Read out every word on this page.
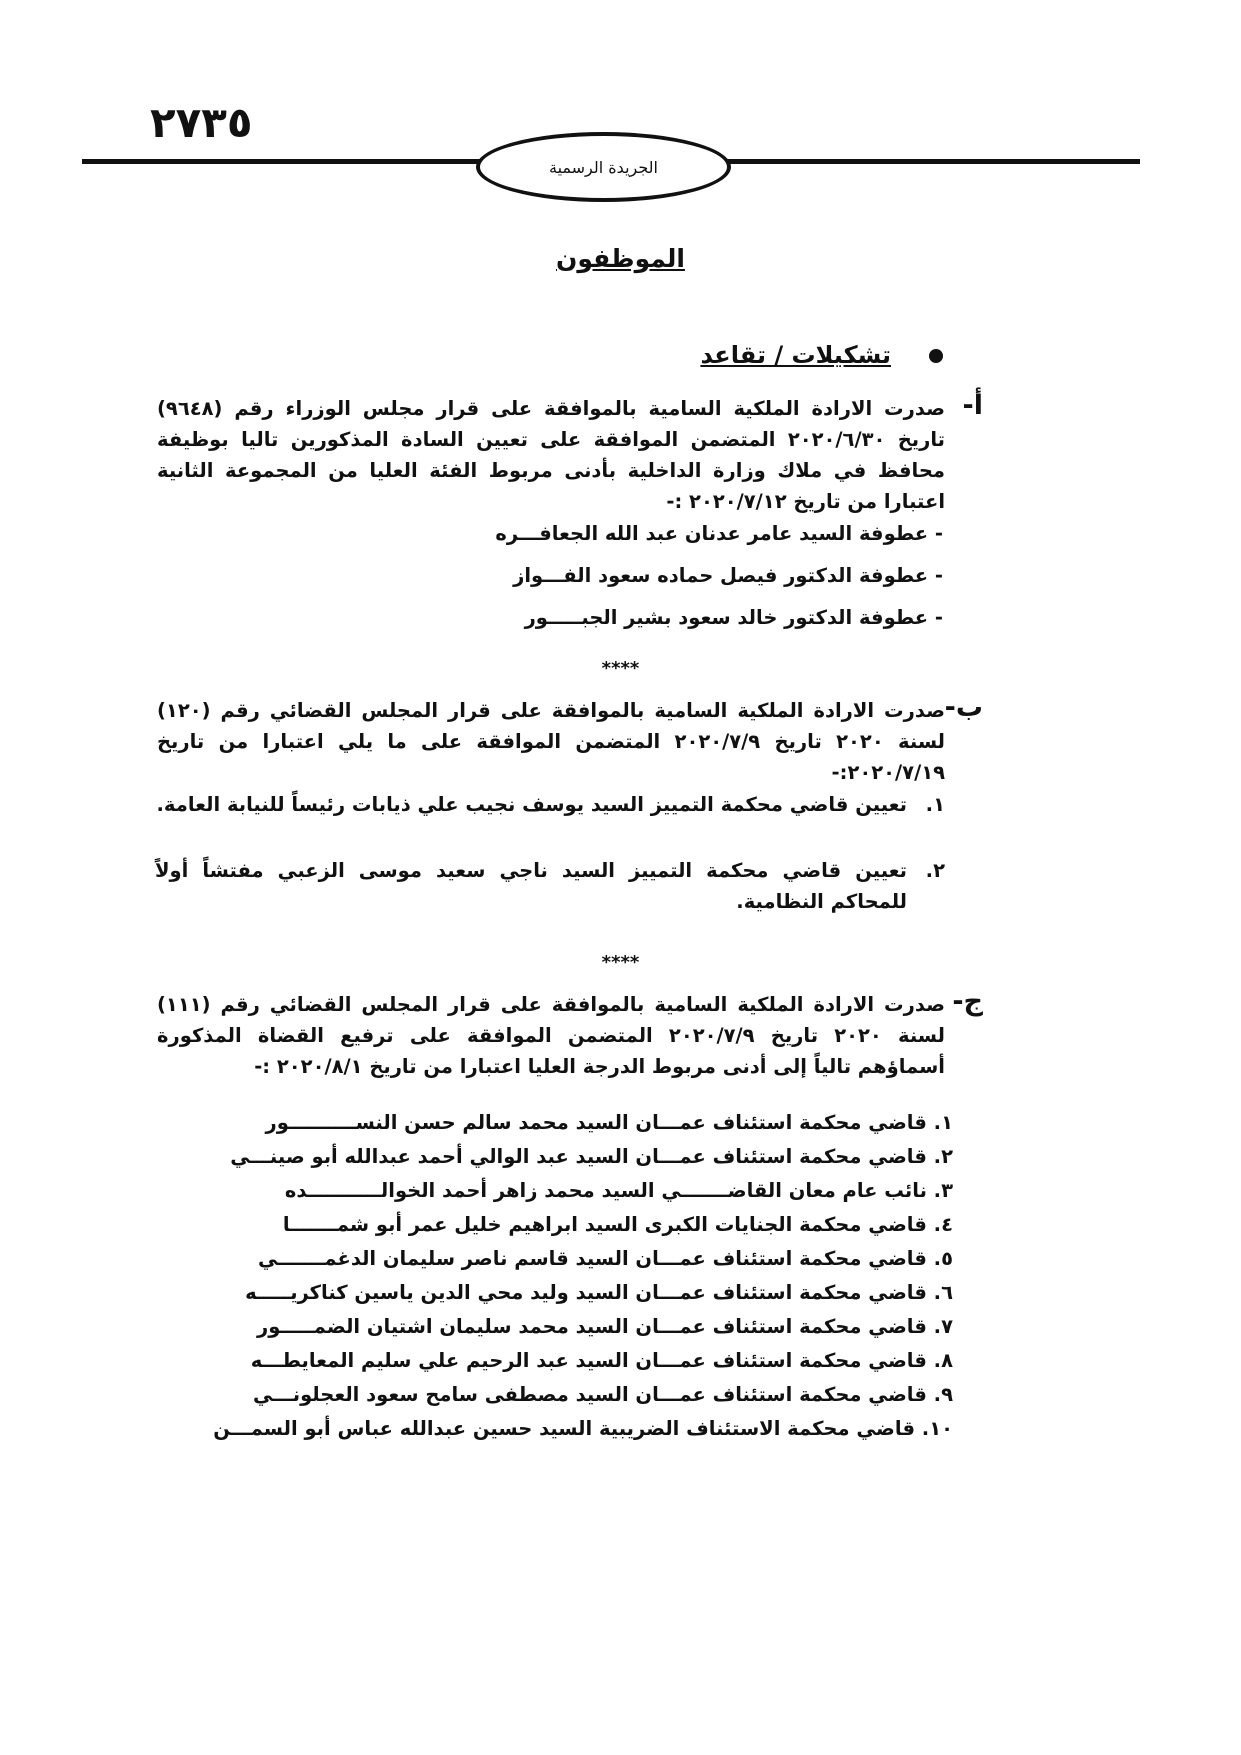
٢٧٣٥
الجريدة الرسمية
الموظفون
تشكيلات / تقاعد
أ-
صدرت الارادة الملكية السامية بالموافقة على قرار مجلس الوزراء رقم (٩٦٤٨) تاريخ ٢٠٢٠/٦/٣٠ المتضمن الموافقة على تعيين السادة المذكورين تاليا بوظيفة محافظ في ملاك وزارة الداخلية بأدنى مربوط الفئة العليا من المجموعة الثانية اعتبارا من تاريخ ٢٠٢٠/٧/١٢ :-
- عطوفة السيد عامر عدنان عبد الله الجعافـــره
- عطوفة الدكتور فيصل حماده سعود الفـــواز
- عطوفة الدكتور خالد سعود بشير الجبـــــور
****
ب-
صدرت الارادة الملكية السامية بالموافقة على قرار المجلس القضائي رقم (١٢٠) لسنة ٢٠٢٠ تاريخ ٢٠٢٠/٧/٩ المتضمن الموافقة على ما يلي اعتبارا من تاريخ ٢٠٢٠/٧/١٩:-
١.
تعيين قاضي محكمة التمييز السيد يوسف نجيب علي ذيابات رئيساً للنيابة العامة.
٢.
تعيين قاضي محكمة التمييز السيد ناجي سعيد موسى الزعبي مفتشاً أولاً للمحاكم النظامية.
****
ج-
صدرت الارادة الملكية السامية بالموافقة على قرار المجلس القضائي رقم (١١١) لسنة ٢٠٢٠ تاريخ ٢٠٢٠/٧/٩ المتضمن الموافقة على ترفيع القضاة المذكورة أسماؤهم تالياً إلى أدنى مربوط الدرجة العليا اعتبارا من تاريخ ٢٠٢٠/٨/١ :-
١. قاضي محكمة استئناف عمـــان السيد محمد سالم حسن النســــــــــور
٢. قاضي محكمة استئناف عمـــان السيد عبد الوالي أحمد عبدالله أبو صينـــي
٣. نائب عام معان القاضـــــــي السيد محمد زاهر أحمد الخوالـــــــــــده
٤. قاضي محكمة الجنايات الكبرى السيد ابراهيم خليل عمر أبو شمـــــــا
٥. قاضي محكمة استئناف عمـــان السيد قاسم ناصر سليمان الدغمـــــــي
٦. قاضي محكمة استئناف عمـــان السيد وليد محي الدين ياسين كناكريـــــه
٧. قاضي محكمة استئناف عمـــان السيد محمد سليمان اشتيان الضمـــــور
٨. قاضي محكمة استئناف عمـــان السيد عبد الرحيم علي سليم المعايطـــه
٩. قاضي محكمة استئناف عمـــان السيد مصطفى سامح سعود العجلونـــي
١٠. قاضي محكمة الاستئناف الضريبية السيد حسين عبدالله عباس أبو السمـــن
